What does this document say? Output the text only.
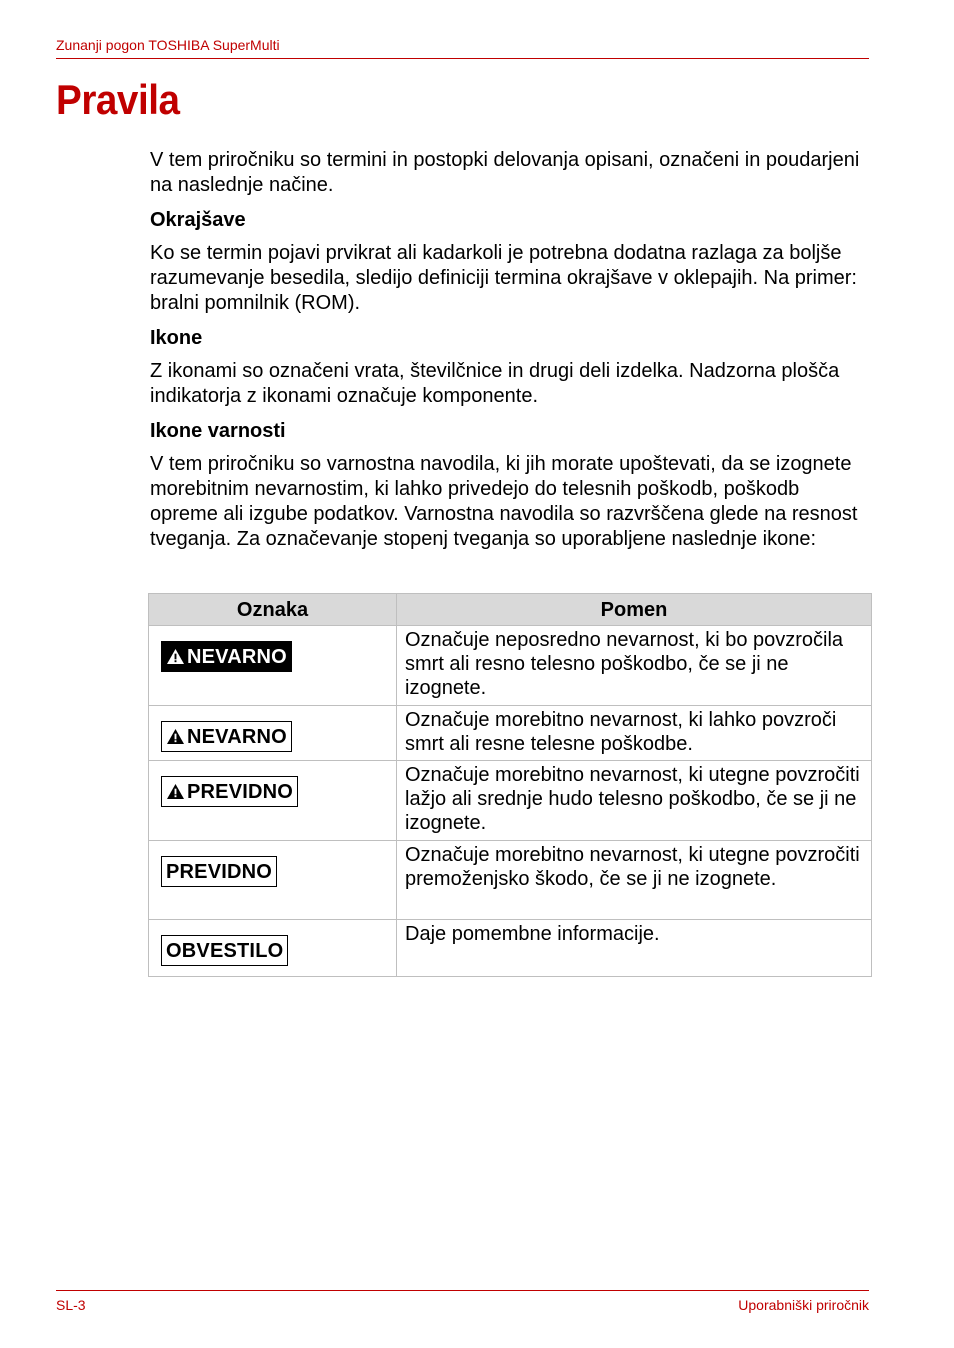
Zunanji pogon TOSHIBA SuperMulti
Pravila

V tem priročniku so termini in postopki delovanja opisani, označeni in poudarjeni na naslednje načine.

Okrajšave

Ko se termin pojavi prvikrat ali kadarkoli je potrebna dodatna razlaga za boljše razumevanje besedila, sledijo definiciji termina okrajšave v oklepajih. Na primer: bralni pomnilnik (ROM).

Ikone

Z ikonami so označeni vrata, številčnice in drugi deli izdelka. Nadzorna plošča indikatorja z ikonami označuje komponente.

Ikone varnosti

V tem priročniku so varnostna navodila, ki jih morate upoštevati, da se izognete morebitnim nevarnostim, ki lahko privedejo do telesnih poškodb, poškodb opreme ali izgube podatkov. Varnostna navodila so razvrščena glede na resnost tveganja. Za označevanje stopenj tveganja so uporabljene naslednje ikone:

Oznaka	Pomen
NEVARNO	Označuje neposredno nevarnost, ki bo povzročila smrt ali resno telesno poškodbo, če se ji ne izognete.
NEVARNO	Označuje morebitno nevarnost, ki lahko povzroči smrt ali resne telesne poškodbe.
PREVIDNO	Označuje morebitno nevarnost, ki utegne povzročiti lažjo ali srednje hudo telesno poškodbo, če se ji ne izognete.
PREVIDNO	Označuje morebitno nevarnost, ki utegne povzročiti premoženjsko škodo, če se ji ne izognete.
OBVESTILO	Daje pomembne informacije.
SL-3	Uporabniški priročnik
